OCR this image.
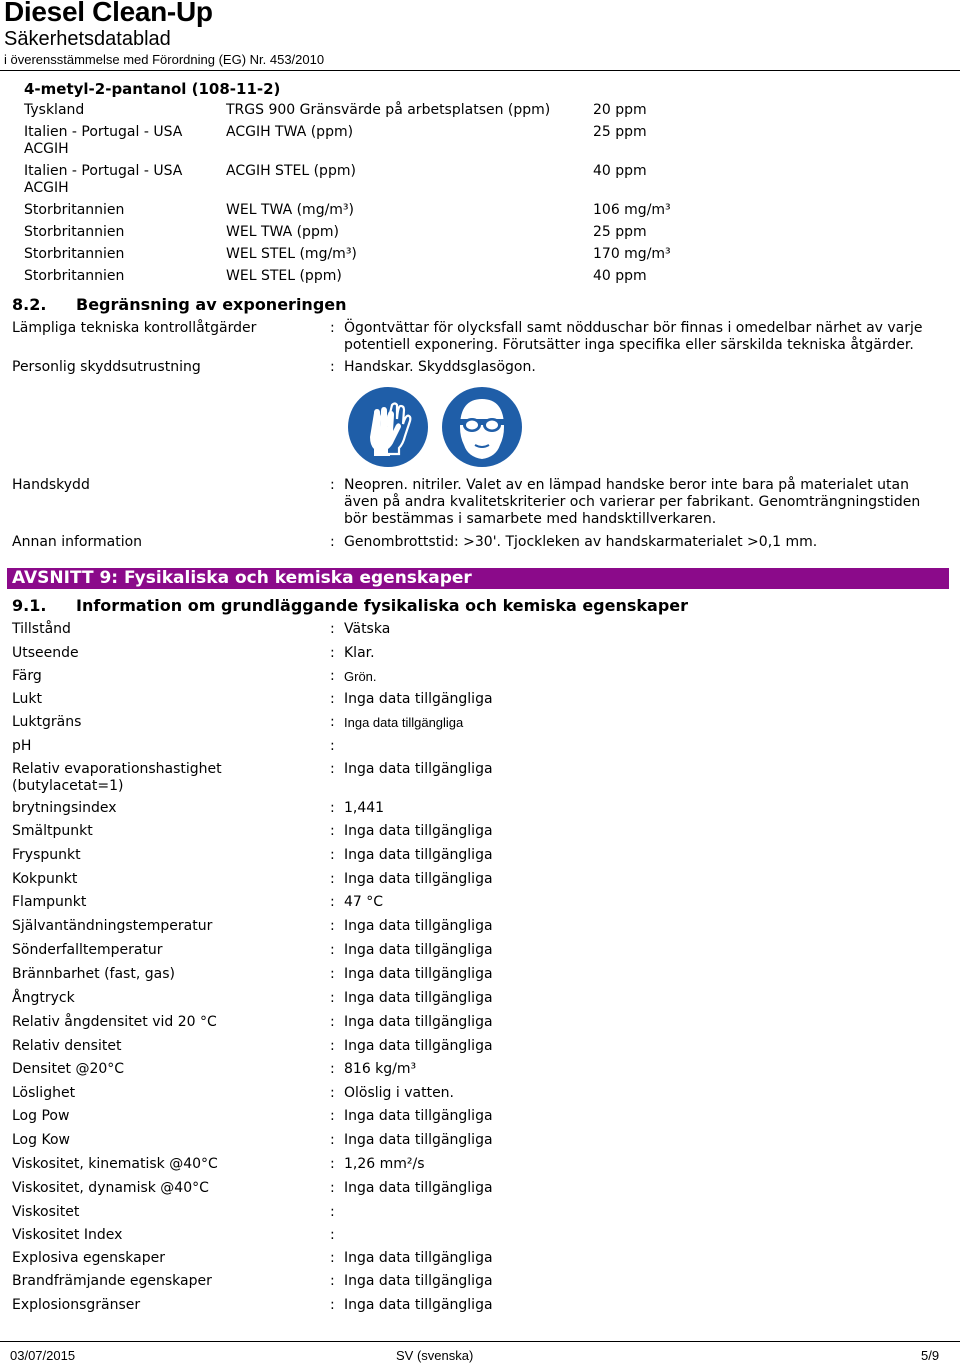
Diesel Clean-Up
Säkerhetsdatablad
i överensstämmelse med Förordning (EG) Nr. 453/2010
4-metyl-2-pantanol (108-11-2)
Tyskland	TRGS 900 Gränsvärde på arbetsplatsen (ppm)	20 ppm
Italien - Portugal - USA
ACGIH
ACGIH TWA (ppm)	25 ppm
Italien - Portugal - USA
ACGIH
ACGIH STEL (ppm)	40 ppm
Storbritannien	WEL TWA (mg/m³)	106 mg/m³
Storbritannien	WEL TWA (ppm)	25 ppm
Storbritannien	WEL STEL (mg/m³)	170 mg/m³
Storbritannien	WEL STEL (ppm)	40 ppm
8.2. Begränsning av exponeringen
Lämpliga tekniska kontrollåtgärder	: Ögontvättar för olycksfall samt nödduschar bör finnas i omedelbar närhet av varje potentiell exponering. Förutsätter inga specifika eller särskilda tekniska åtgärder.
Personlig skyddsutrustning	: Handskar. Skyddsglasögon.
Handskydd	: Neopren. nitriler. Valet av en lämpad handske beror inte bara på materialet utan även på andra kvalitetskriterier och varierar per fabrikant. Genomträngningstiden bör bestämmas i samarbete med handsktillverkaren.
Annan information	: Genombrottstid: >30'. Tjockleken av handskarmaterialet >0,1 mm.
AVSNITT 9: Fysikaliska och kemiska egenskaper
9.1. Information om grundläggande fysikaliska och kemiska egenskaper
Tillstånd	: Vätska
Utseende	: Klar.
Färg	: Grön.
Lukt	: Inga data tillgängliga
Luktgräns	: Inga data tillgängliga
pH	:
Relativ evaporationshastighet
(butylacetat=1)
: Inga data tillgängliga
brytningsindex	: 1,441
Smältpunkt	: Inga data tillgängliga
Fryspunkt	: Inga data tillgängliga
Kokpunkt	: Inga data tillgängliga
Flampunkt	: 47 °C
Självantändningstemperatur	: Inga data tillgängliga
Sönderfalltemperatur	: Inga data tillgängliga
Brännbarhet (fast, gas)	: Inga data tillgängliga
Ångtryck	: Inga data tillgängliga
Relativ ångdensitet vid 20 °C	: Inga data tillgängliga
Relativ densitet	: Inga data tillgängliga
Densitet @20°C	: 816 kg/m³
Löslighet	: Olöslig i vatten.
Log Pow	: Inga data tillgängliga
Log Kow	: Inga data tillgängliga
Viskositet, kinematisk @40°C	: 1,26 mm²/s
Viskositet, dynamisk @40°C	: Inga data tillgängliga
Viskositet	:
Viskositet Index	:
Explosiva egenskaper	: Inga data tillgängliga
Brandfrämjande egenskaper	: Inga data tillgängliga
Explosionsgränser	: Inga data tillgängliga
03/07/2015	SV (svenska)	5/9
